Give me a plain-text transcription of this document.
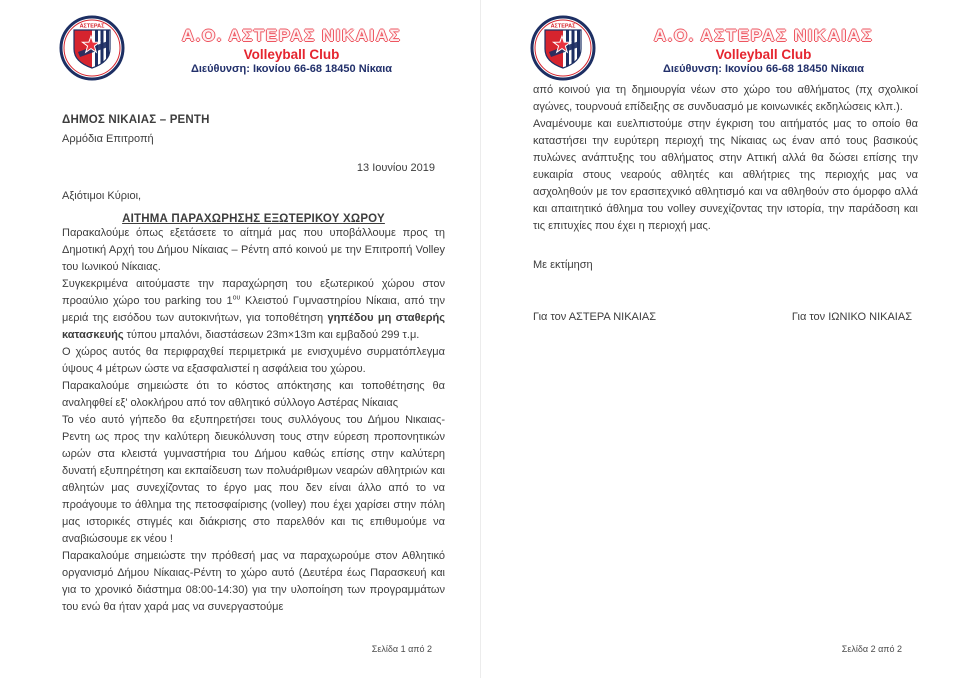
ΑΣΤΕΡΑΣ	Α.Ο. ΑΣΤΕΡΑΣ ΝΙΚΑΙΑΣ
Volleyball Club
Διεύθυνση: Ικονίου 66-68 18450 Νίκαια
ΔΗΜΟΣ ΝΙΚΑΙΑΣ – ΡΕΝΤΗ
Αρμόδια Επιτροπή
13 Ιουνίου 2019
Αξιότιμοι Κύριοι,
ΑΙΤΗΜΑ ΠΑΡΑΧΩΡΗΣΗΣ ΕΞΩΤΕΡΙΚΟΥ ΧΩΡΟΥ

Παρακαλούμε όπως εξετάσετε το αίτημά μας που υποβάλλουμε προς τη Δημοτική Αρχή του Δήμου Νίκαιας – Ρέντη από κοινού με την Επιτροπή Volley του Ιωνικού Νίκαιας.

Συγκεκριμένα αιτούμαστε την παραχώρηση του εξωτερικού χώρου στον προαύλιο χώρο του parking του $1^{o\upsilon}$ Κλειστού Γυμναστηρίου Νίκαια, από την μεριά της εισόδου των αυτοκινήτων, για τοποθέτηση γηπέδου μη σταθερής κατασκευής τύπου μπαλόνι, διαστάσεων 23m×13m και εμβαδού 299 τ.μ.

Ο χώρος αυτός θα περιφραχθεί περιμετρικά με ενισχυμένο συρματόπλεγμα ύψους 4 μέτρων ώστε να εξασφαλιστεί η ασφάλεια του χώρου.

Παρακαλούμε σημειώστε ότι το κόστος απόκτησης και τοποθέτησης θα αναληφθεί εξ' ολοκλήρου από τον αθλητικό σύλλογο Αστέρας Νίκαιας

Το νέο αυτό γήπεδο θα εξυπηρετήσει τους συλλόγους του Δήμου Νικαιας-Ρεντη ως προς την καλύτερη διευκόλυνση τους στην εύρεση προπονητικών ωρών στα κλειστά γυμναστήρια του Δήμου καθώς επίσης στην καλύτερη δυνατή εξυπηρέτηση και εκπαίδευση των πολυάριθμων νεαρών αθλητριών και αθλητών μας συνεχίζοντας το έργο μας που δεν είναι άλλο από το να προάγουμε το άθλημα της πετοσφαίρισης (volley) που έχει χαρίσει στην πόλη μας ιστορικές στιγμές και διάκρισης στο παρελθόν και τις επιθυμούμε να αναβιώσουμε εκ νέου !

Παρακαλούμε σημειώστε την πρόθεσή μας να παραχωρούμε στον Αθλητικό οργανισμό Δήμου Νίκαιας-Ρέντη το χώρο αυτό (Δευτέρα έως Παρασκευή και για το χρονικό διάστημα 08:00-14:30) για την υλοποίηση των προγραμμάτων του ενώ θα ήταν χαρά μας να συνεργαστούμε

Σελίδα 1 από 2
ΑΣΤΕΡΑΣ	Α.Ο. ΑΣΤΕΡΑΣ ΝΙΚΑΙΑΣ
Volleyball Club
Διεύθυνση: Ικονίου 66-68 18450 Νίκαια

από κοινού για τη δημιουργία νέων στο χώρο του αθλήματος (πχ σχολικοί αγώνες, τουρνουά επίδειξης σε συνδυασμό με κοινωνικές εκδηλώσεις κλπ.).

Αναμένουμε και ευελπιστούμε στην έγκριση του αιτήματός μας το οποίο θα καταστήσει την ευρύτερη περιοχή της Νίκαιας ως έναν από τους βασικούς πυλώνες ανάπτυξης του αθλήματος στην Αττική αλλά θα δώσει επίσης την ευκαιρία στους νεαρούς αθλητές και αθλήτριες της περιοχής μας να ασχοληθούν με τον ερασιτεχνικό αθλητισμό και να αθληθούν στο όμορφο αλλά και απαιτητικό άθλημα του volley συνεχίζοντας την ιστορία, την παράδοση και τις επιτυχίες που έχει η περιοχή μας.

Με εκτίμηση
Για τον ΑΣΤΕΡΑ ΝΙΚΑΙΑΣ	Για τον ΙΩΝΙΚΟ ΝΙΚΑΙΑΣ
Σελίδα 2 από 2
